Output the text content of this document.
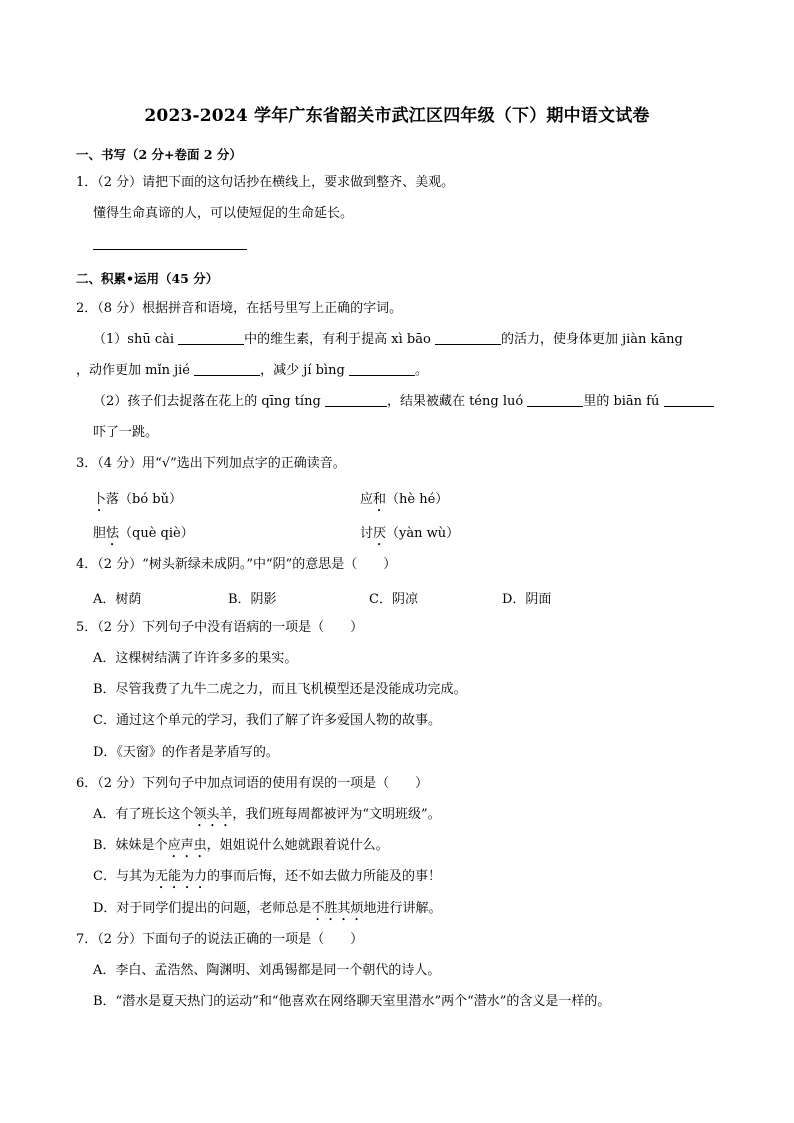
2023-2024 学年广东省韶关市武江区四年级（下）期中语文试卷
一、书写（2 分+卷面 2 分）
1．（2 分）请把下面的这句话抄在横线上，要求做到整齐、美观。
懂得生命真谛的人，可以使短促的生命延长。
二、积累•运用（45 分）
2．（8 分）根据拼音和语境，在括号里写上正确的字词。
（1）shū cài	中的维生素，有利于提高 xì bāo	的活力，使身体更加 jiàn kāng
，动作更加 mǐn jié	，减少 jí bìng	。
（2）孩子们去捉落在花上的 qīng tíng	，结果被藏在 téng luó	里的 biān fú
吓了一跳。
3．（4 分）用“√”选出下列加点字的正确读音。
卜落（bó bǔ）	应和（hè hé）
胆怯（què qiè）	讨厌（yàn wù）
4．（2 分）“树头新绿未成阴。”中“阴”的意思是（　　）
A．树荫	B．阴影	C．阴凉	D．阴面
5．（2 分）下列句子中没有语病的一项是（　　）
A．这棵树结满了许许多多的果实。
B．尽管我费了九牛二虎之力，而且飞机模型还是没能成功完成。
C．通过这个单元的学习，我们了解了许多爱国人物的故事。
D．《天窗》的作者是茅盾写的。
6．（2 分）下列句子中加点词语的使用有误的一项是（　　）
A．有了班长这个领头羊，我们班每周都被评为“文明班级”。
B．妹妹是个应声虫，姐姐说什么她就跟着说什么。
C．与其为无能为力的事而后悔，还不如去做力所能及的事！
D．对于同学们提出的问题，老师总是不胜其烦地进行讲解。
7．（2 分）下面句子的说法正确的一项是（　　）
A．李白、孟浩然、陶渊明、刘禹锡都是同一个朝代的诗人。
B．“潜水是夏天热门的运动”和“他喜欢在网络聊天室里潜水”两个“潜水”的含义是一样的。
